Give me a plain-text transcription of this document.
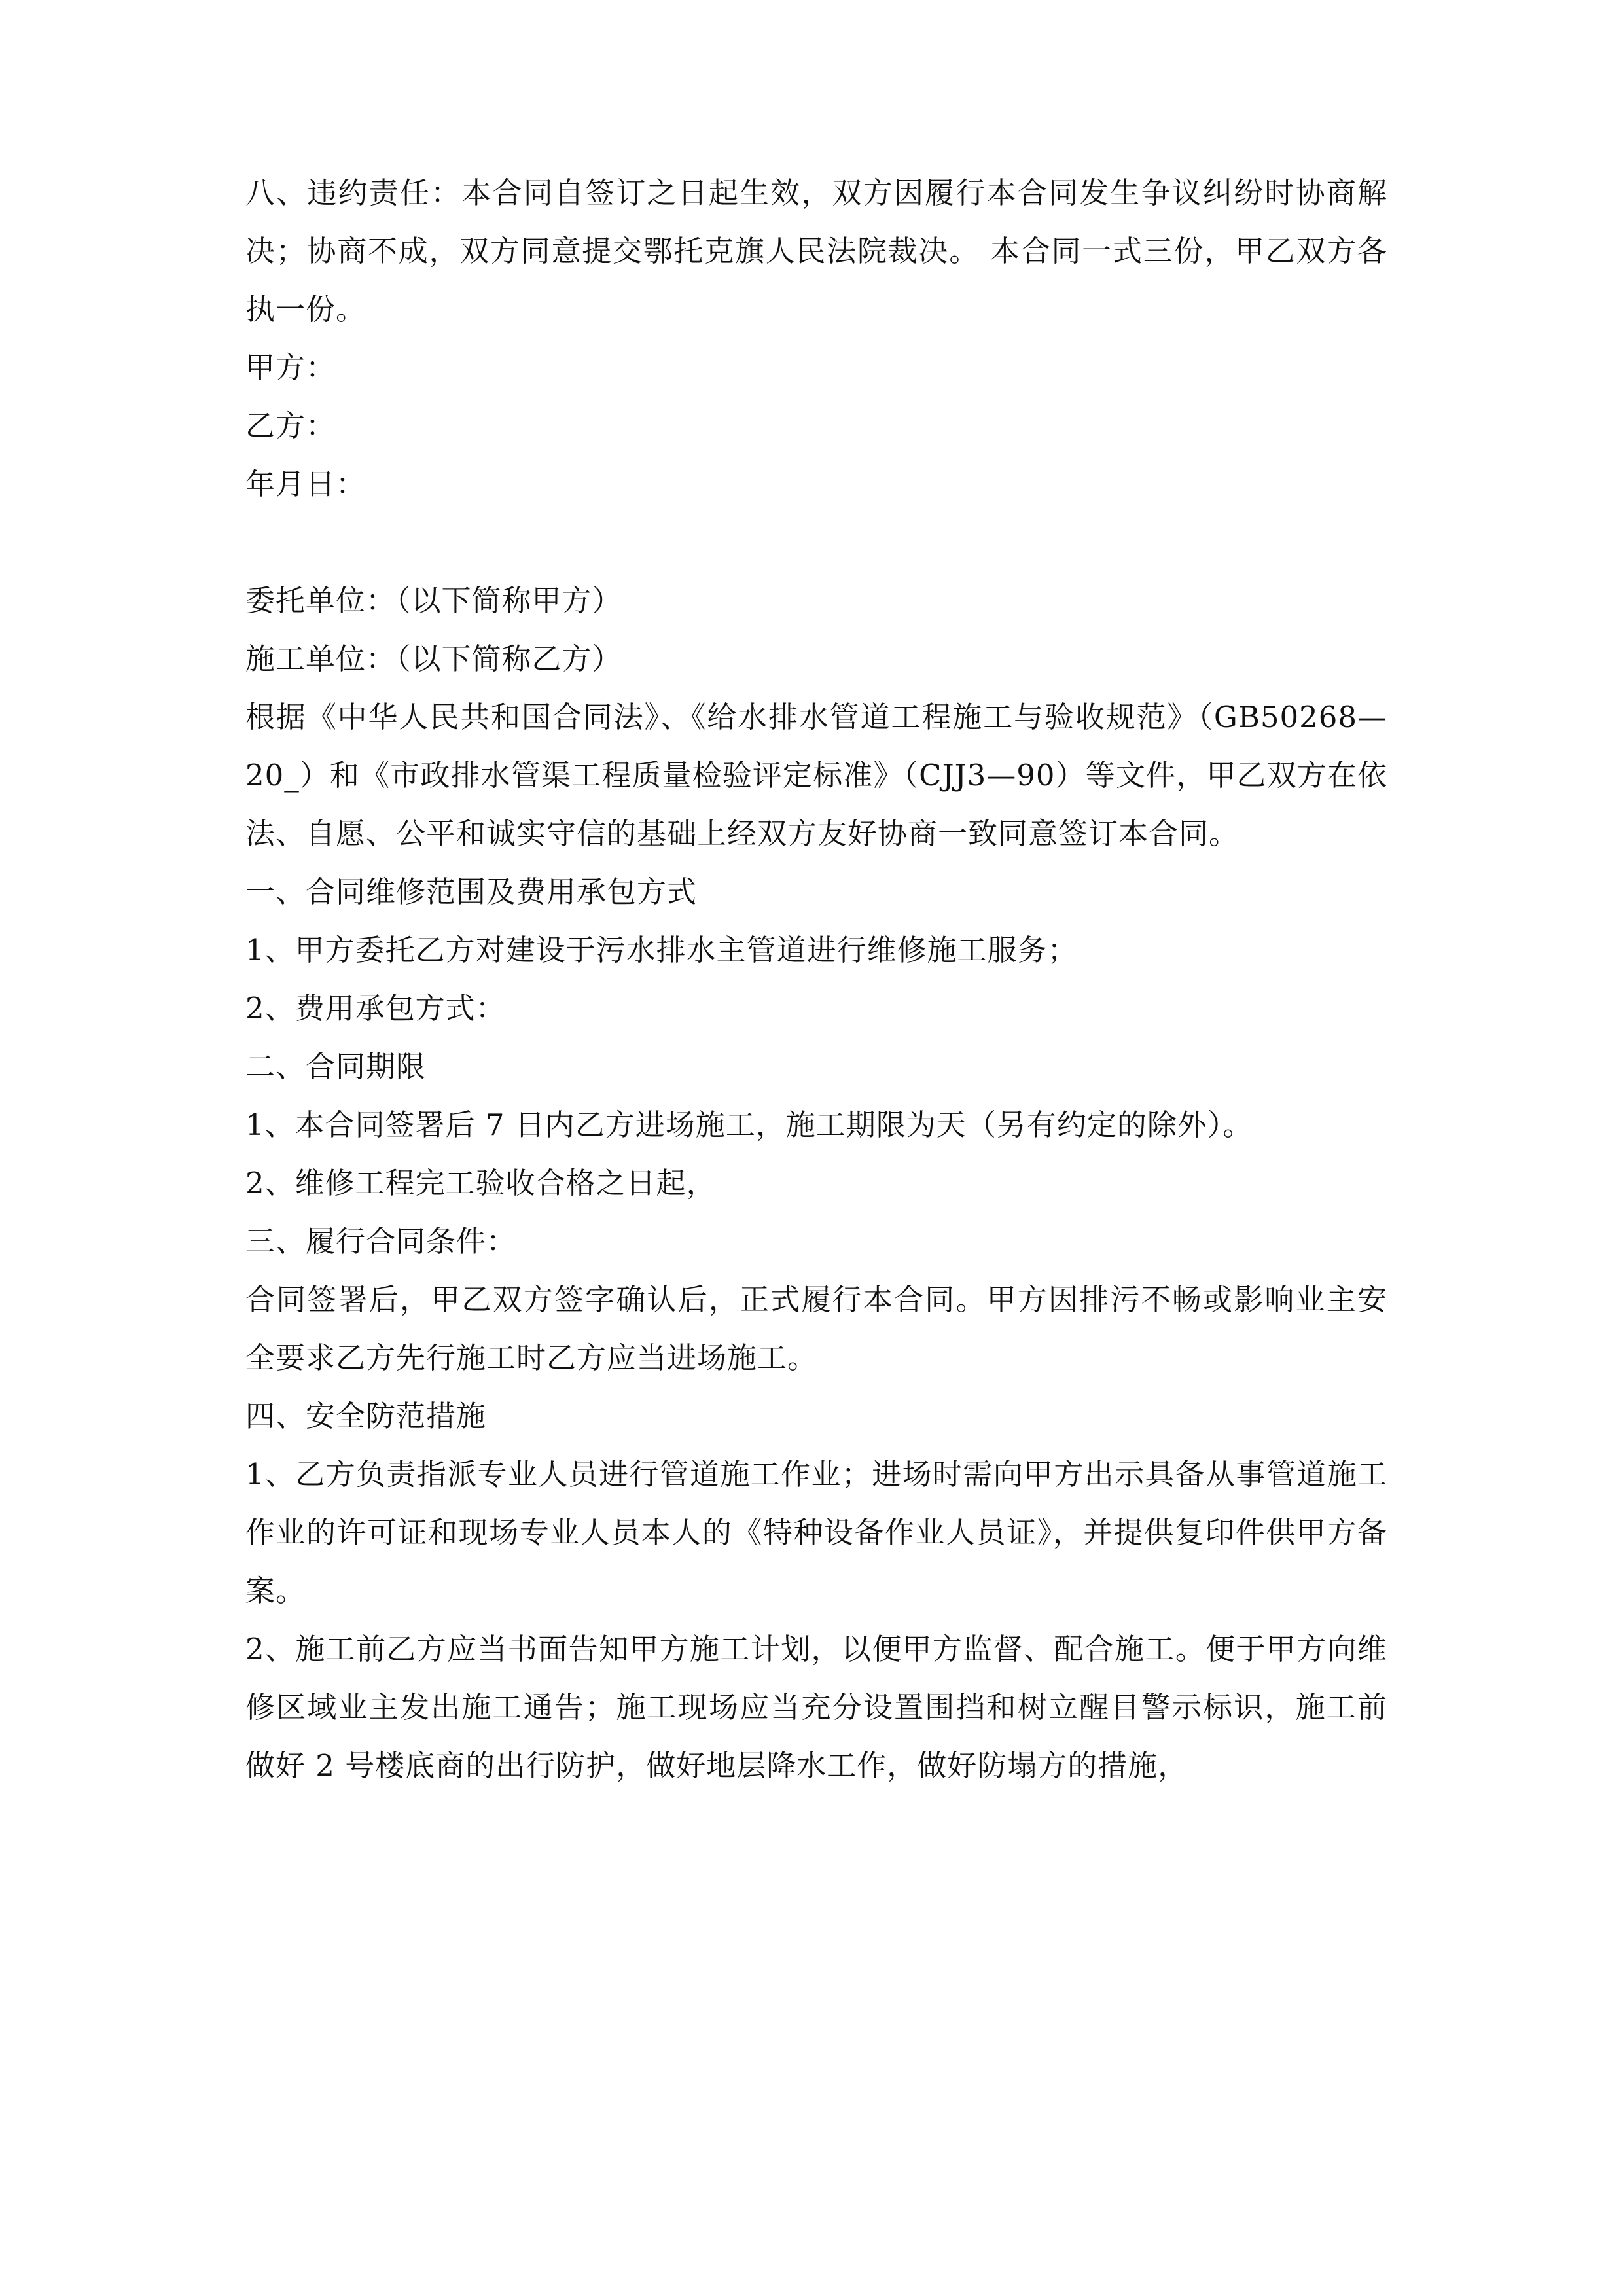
八、违约责任：本合同自签订之日起生效，双方因履行本合同发生争议纠纷时协商解决；协商不成，双方同意提交鄂托克旗人民法院裁决。 本合同一式三份，甲乙双方各执一份。

甲方：

乙方：

年月日：

委托单位：（以下简称甲方）

施工单位：（以下简称乙方）

根据《中华人民共和国合同法》、《给水排水管道工程施工与验收规范》（GB50268—20_）和《市政排水管渠工程质量检验评定标准》（CJJ3—90）等文件，甲乙双方在依法、自愿、公平和诚实守信的基础上经双方友好协商一致同意签订本合同。

一、合同维修范围及费用承包方式

1、甲方委托乙方对建设于污水排水主管道进行维修施工服务；

2、费用承包方式：

二、合同期限

1、本合同签署后 7 日内乙方进场施工，施工期限为天（另有约定的除外）。

2、维修工程完工验收合格之日起，

三、履行合同条件：

合同签署后，甲乙双方签字确认后，正式履行本合同。甲方因排污不畅或影响业主安全要求乙方先行施工时乙方应当进场施工。

四、安全防范措施

1、乙方负责指派专业人员进行管道施工作业；进场时需向甲方出示具备从事管道施工作业的许可证和现场专业人员本人的《特种设备作业人员证》，并提供复印件供甲方备案。

2、施工前乙方应当书面告知甲方施工计划，以便甲方监督、配合施工。便于甲方向维修区域业主发出施工通告；施工现场应当充分设置围挡和树立醒目警示标识，施工前做好 2 号楼底商的出行防护，做好地层降水工作，做好防塌方的措施，
